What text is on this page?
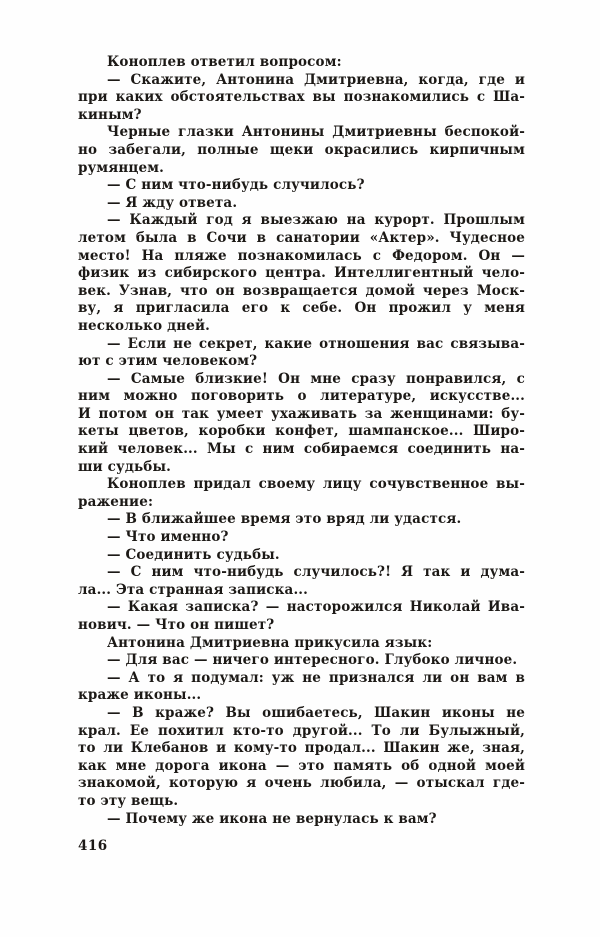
Коноплев ответил вопросом:
— Скажите, Антонина Дмитриевна, когда, где и
при каких обстоятельствах вы познакомились с Ша-
киным?
Черные глазки Антонины Дмитриевны беспокой-
но забегали, полные щеки окрасились кирпичным
румянцем.
— С ним что-нибудь случилось?
— Я жду ответа.
— Каждый год я выезжаю на курорт. Прошлым
летом была в Сочи в санатории «Актер». Чудесное
место! На пляже познакомилась с Федором. Он —
физик из сибирского центра. Интеллигентный чело-
век. Узнав, что он возвращается домой через Моск-
ву, я пригласила его к себе. Он прожил у меня
несколько дней.
— Если не секрет, какие отношения вас связыва-
ют с этим человеком?
— Самые близкие! Он мне сразу понравился, с
ним можно поговорить о литературе, искусстве...
И потом он так умеет ухаживать за женщинами: бу-
кеты цветов, коробки конфет, шампанское... Широ-
кий человек... Мы с ним собираемся соединить на-
ши судьбы.
Коноплев придал своему лицу сочувственное вы-
ражение:
— В ближайшее время это вряд ли удастся.
— Что именно?
— Соединить судьбы.
— С ним что-нибудь случилось?! Я так и дума-
ла... Эта странная записка...
— Какая записка? — насторожился Николай Ива-
нович. — Что он пишет?
Антонина Дмитриевна прикусила язык:
— Для вас — ничего интересного. Глубоко личное.
— А то я подумал: уж не признался ли он вам в
краже иконы...
— В краже? Вы ошибаетесь, Шакин иконы не
крал. Ее похитил кто-то другой... То ли Булыжный,
то ли Клебанов и кому-то продал... Шакин же, зная,
как мне дорога икона — это память об одной моей
знакомой, которую я очень любила, — отыскал где-
то эту вещь.
— Почему же икона не вернулась к вам?
416
